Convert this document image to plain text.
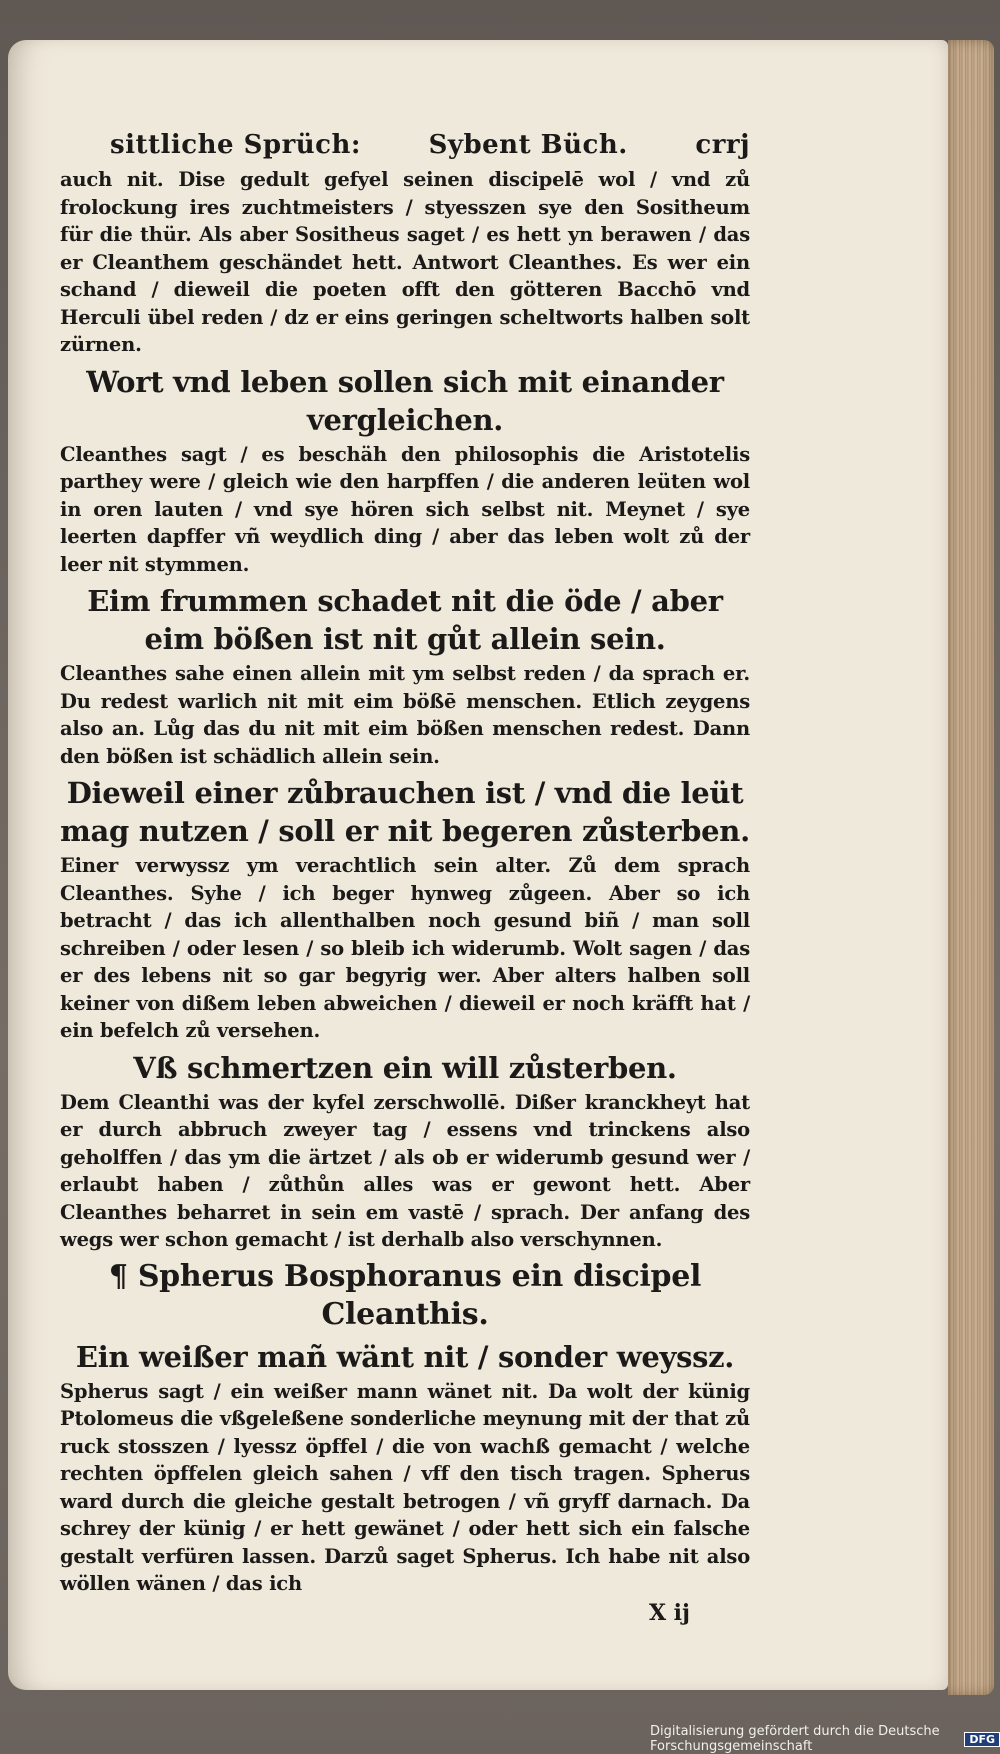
sittliche Sprüch:	Sybent Büch.	crrj

auch nit. Dise gedult gefyel seinen discipelē wol / vnd zů frolockung ires zuchtmeisters / styesszen sye den Sositheum für die thür. Als aber Sositheus saget / es hett yn berawen / das er Cleanthem geschändet hett. Antwort Cleanthes. Es wer ein schand / dieweil die poeten offt den götteren Bacchō vnd Herculi übel reden / dz er eins geringen scheltworts halben solt zürnen.

Wort vnd leben sollen sich mit einander vergleichen.

Cleanthes sagt / es beschäh den philosophis die Aristotelis parthey were / gleich wie den harpffen / die anderen leüten wol in oren lauten / vnd sye hören sich selbst nit. Meynet / sye leerten dapffer vñ weydlich ding / aber das leben wolt zů der leer nit stymmen.

Eim frummen schadet nit die öde / aber eim bößen ist nit gůt allein sein.

Cleanthes sahe einen allein mit ym selbst reden / da sprach er. Du redest warlich nit mit eim bößē menschen. Etlich zeygens also an. Lůg das du nit mit eim bößen menschen redest. Dann den bößen ist schädlich allein sein.

Dieweil einer zůbrauchen ist / vnd die leüt mag nutzen / soll er nit begeren zůsterben.

Einer verwyssz ym verachtlich sein alter. Zů dem sprach Cleanthes. Syhe / ich beger hynweg zůgeen. Aber so ich betracht / das ich allenthalben noch gesund biñ / man soll schreiben / oder lesen / so bleib ich widerumb. Wolt sagen / das er des lebens nit so gar begyrig wer. Aber alters halben soll keiner von dißem leben abweichen / dieweil er noch kräfft hat / ein befelch zů versehen.

Vß schmertzen ein will zůsterben.

Dem Cleanthi was der kyfel zerschwollē. Dißer kranckheyt hat er durch abbruch zweyer tag / essens vnd trinckens also geholffen / das ym die ärtzet / als ob er widerumb gesund wer / erlaubt haben / zůthůn alles was er gewont hett. Aber Cleanthes beharret in sein em vastē / sprach. Der anfang des wegs wer schon gemacht / ist derhalb also verschynnen.

¶ Spherus Bosphoranus ein discipel Cleanthis.
Ein weißer mañ wänt nit / sonder weyssz.

Spherus sagt / ein weißer mann wänet nit. Da wolt der künig Ptolomeus die vßgeleßene sonderliche meynung mit der that zů ruck stosszen / lyessz öpffel / die von wachß gemacht / welche rechten öpffelen gleich sahen / vff den tisch tragen. Spherus ward durch die gleiche gestalt betrogen / vñ gryff darnach. Da schrey der künig / er hett gewänet / oder hett sich ein falsche gestalt verfüren lassen. Darzů saget Spherus. Ich habe nit also wöllen wänen / das ich

X ij
Digitalisierung gefördert durch die Deutsche Forschungsgemeinschaft	DFG
